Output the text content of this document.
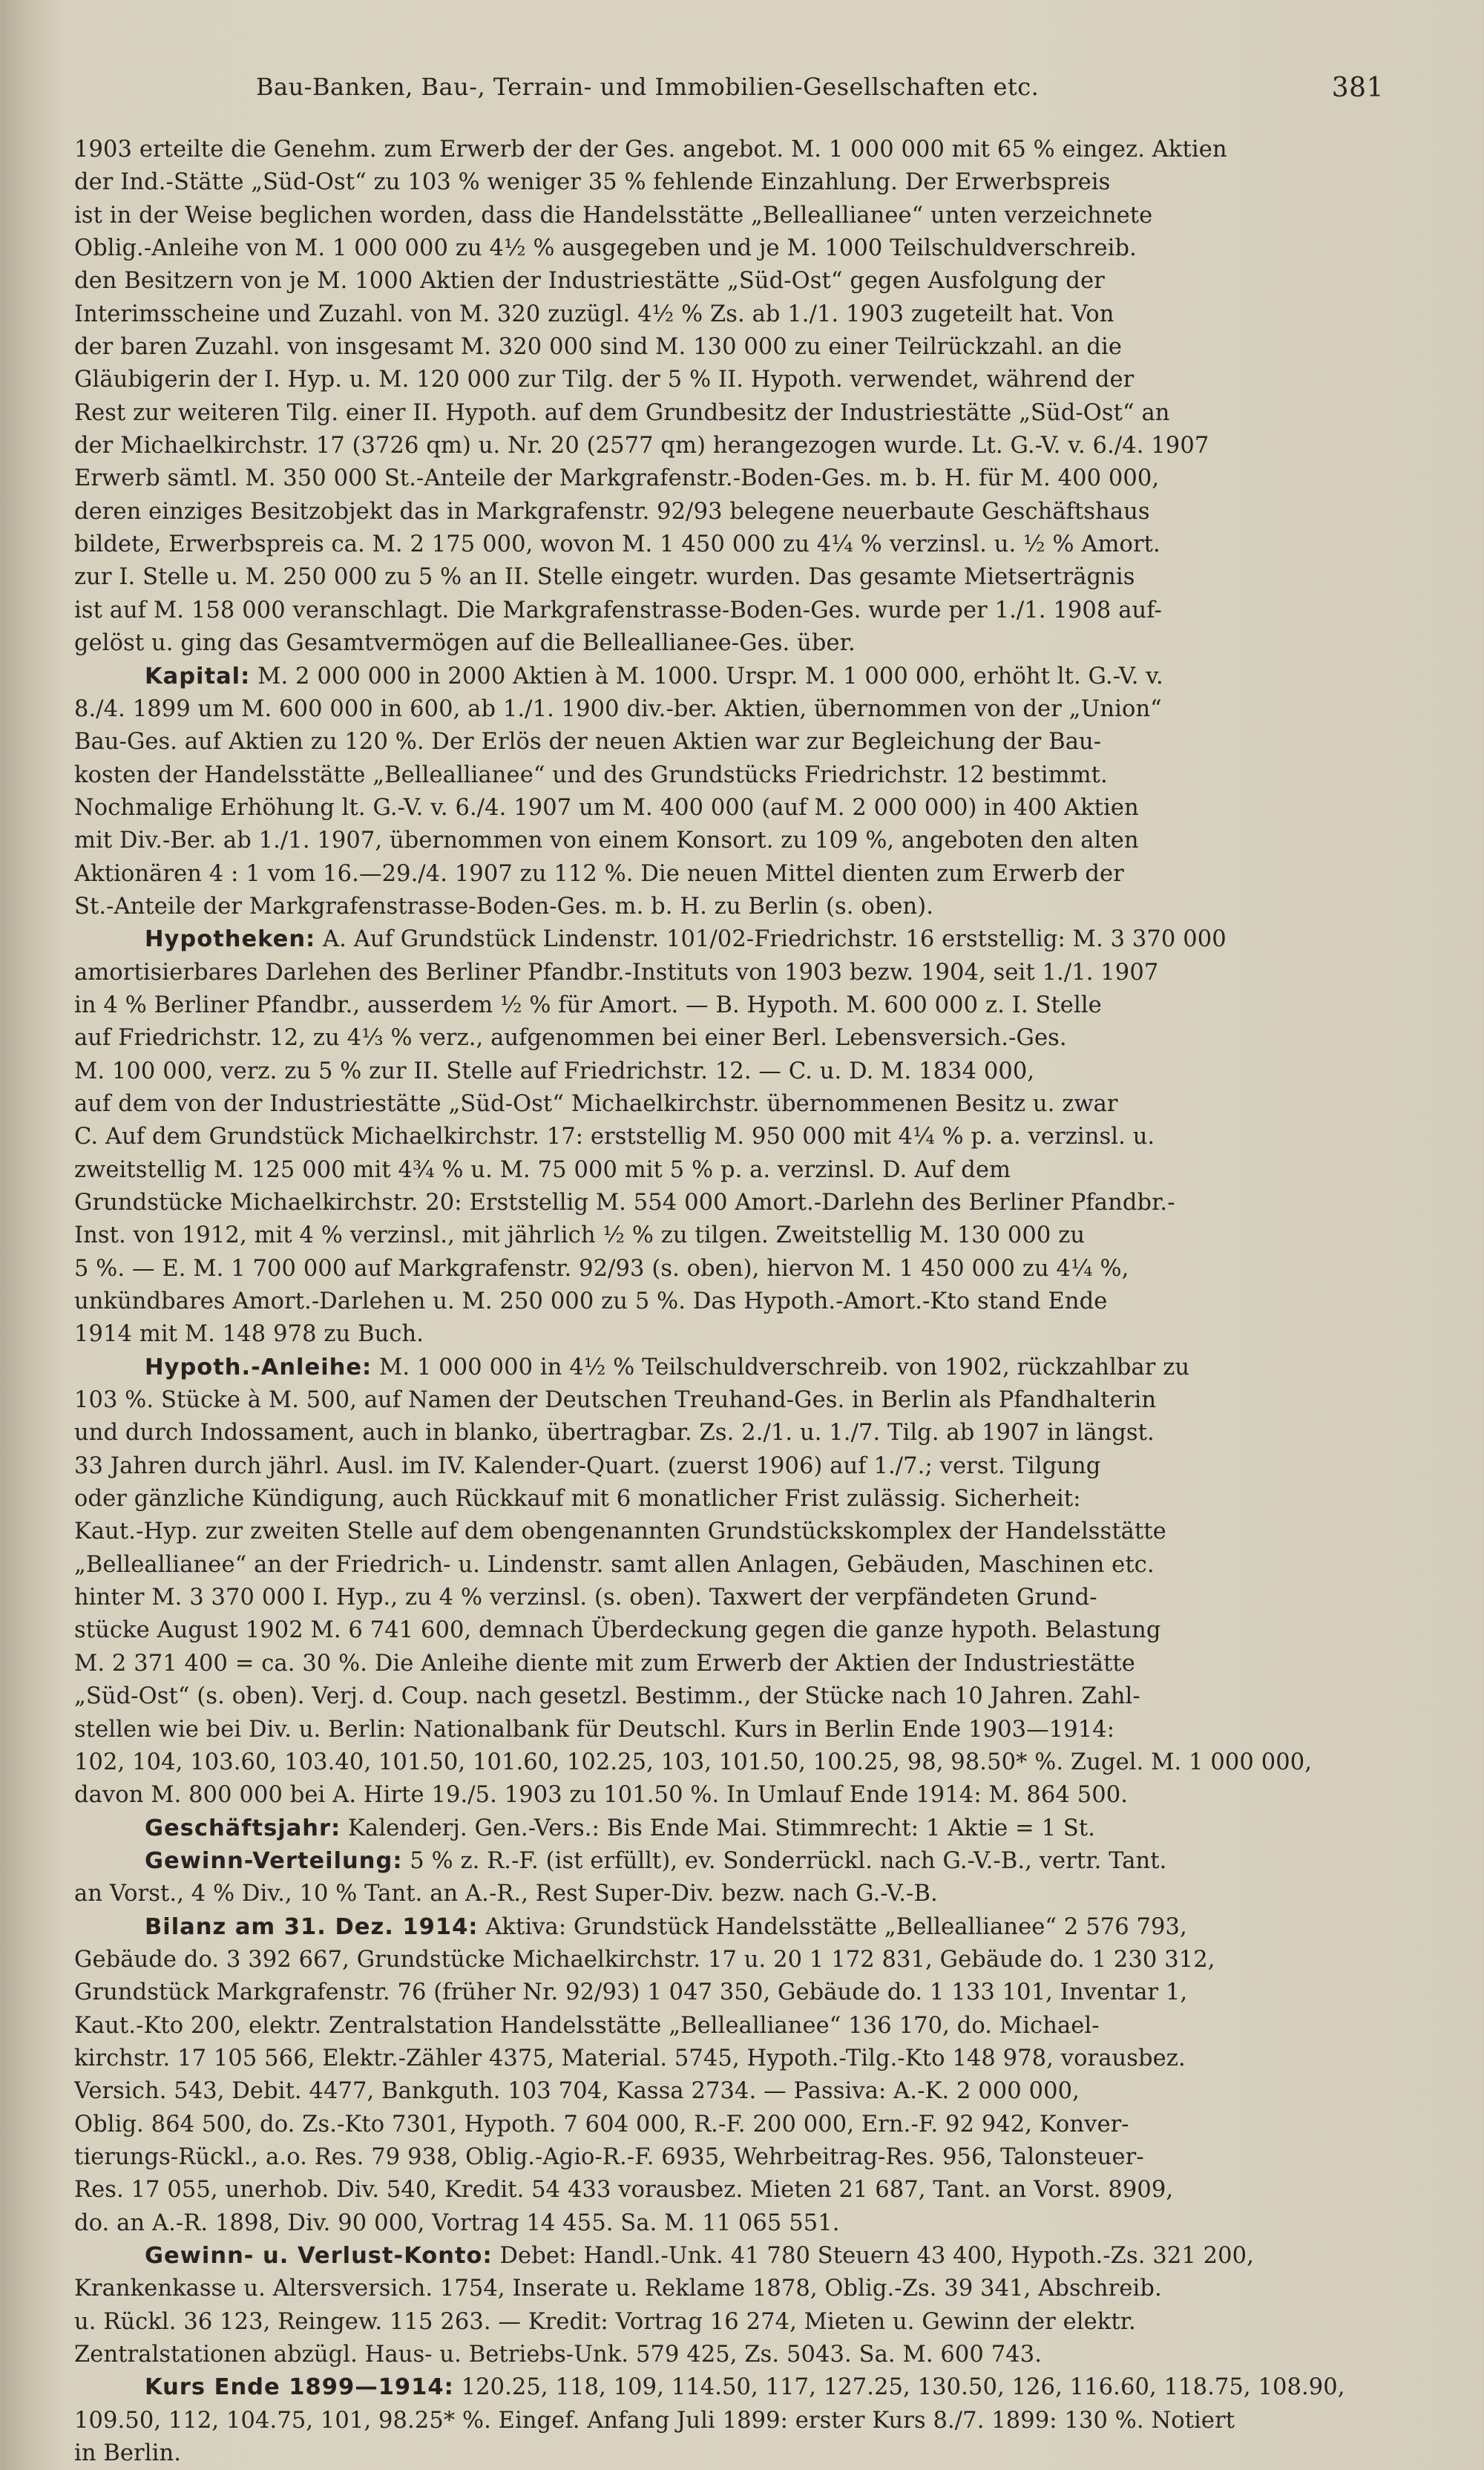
Bau-Banken, Bau-, Terrain- und Immobilien-Gesellschaften etc.	381
1903 erteilte die Genehm. zum Erwerb der der Ges. angebot. M. 1 000 000 mit 65 % eingez. Aktien
der Ind.-Stätte „Süd-Ost“ zu 103 % weniger 35 % fehlende Einzahlung. Der Erwerbspreis
ist in der Weise beglichen worden, dass die Handelsstätte „Belleallianee“ unten verzeichnete
Oblig.-Anleihe von M. 1 000 000 zu 4½ % ausgegeben und je M. 1000 Teilschuldverschreib.
den Besitzern von je M. 1000 Aktien der Industriestätte „Süd-Ost“ gegen Ausfolgung der
Interimsscheine und Zuzahl. von M. 320 zuzügl. 4½ % Zs. ab 1./1. 1903 zugeteilt hat. Von
der baren Zuzahl. von insgesamt M. 320 000 sind M. 130 000 zu einer Teilrückzahl. an die
Gläubigerin der I. Hyp. u. M. 120 000 zur Tilg. der 5 % II. Hypoth. verwendet, während der
Rest zur weiteren Tilg. einer II. Hypoth. auf dem Grundbesitz der Industriestätte „Süd-Ost“ an
der Michaelkirchstr. 17 (3726 qm) u. Nr. 20 (2577 qm) herangezogen wurde. Lt. G.-V. v. 6./4. 1907
Erwerb sämtl. M. 350 000 St.-Anteile der Markgrafenstr.-Boden-Ges. m. b. H. für M. 400 000,
deren einziges Besitzobjekt das in Markgrafenstr. 92/93 belegene neuerbaute Geschäftshaus
bildete, Erwerbspreis ca. M. 2 175 000, wovon M. 1 450 000 zu 4¼ % verzinsl. u. ½ % Amort.
zur I. Stelle u. M. 250 000 zu 5 % an II. Stelle eingetr. wurden. Das gesamte Mietserträgnis
ist auf M. 158 000 veranschlagt. Die Markgrafenstrasse-Boden-Ges. wurde per 1./1. 1908 auf-
gelöst u. ging das Gesamtvermögen auf die Belleallianee-Ges. über.
Kapital: M. 2 000 000 in 2000 Aktien à M. 1000. Urspr. M. 1 000 000, erhöht lt. G.-V. v.
8./4. 1899 um M. 600 000 in 600, ab 1./1. 1900 div.-ber. Aktien, übernommen von der „Union“
Bau-Ges. auf Aktien zu 120 %. Der Erlös der neuen Aktien war zur Begleichung der Bau-
kosten der Handelsstätte „Belleallianee“ und des Grundstücks Friedrichstr. 12 bestimmt.
Nochmalige Erhöhung lt. G.-V. v. 6./4. 1907 um M. 400 000 (auf M. 2 000 000) in 400 Aktien
mit Div.-Ber. ab 1./1. 1907, übernommen von einem Konsort. zu 109 %, angeboten den alten
Aktionären 4 : 1 vom 16.—29./4. 1907 zu 112 %. Die neuen Mittel dienten zum Erwerb der
St.-Anteile der Markgrafenstrasse-Boden-Ges. m. b. H. zu Berlin (s. oben).
Hypotheken: A. Auf Grundstück Lindenstr. 101/02-Friedrichstr. 16 erststellig: M. 3 370 000
amortisierbares Darlehen des Berliner Pfandbr.-Instituts von 1903 bezw. 1904, seit 1./1. 1907
in 4 % Berliner Pfandbr., ausserdem ½ % für Amort. — B. Hypoth. M. 600 000 z. I. Stelle
auf Friedrichstr. 12, zu 4⅓ % verz., aufgenommen bei einer Berl. Lebensversich.-Ges.
M. 100 000, verz. zu 5 % zur II. Stelle auf Friedrichstr. 12. — C. u. D. M. 1834 000,
auf dem von der Industriestätte „Süd-Ost“ Michaelkirchstr. übernommenen Besitz u. zwar
C. Auf dem Grundstück Michaelkirchstr. 17: erststellig M. 950 000 mit 4¼ % p. a. verzinsl. u.
zweitstellig M. 125 000 mit 4¾ % u. M. 75 000 mit 5 % p. a. verzinsl. D. Auf dem
Grundstücke Michaelkirchstr. 20: Erststellig M. 554 000 Amort.-Darlehn des Berliner Pfandbr.-
Inst. von 1912, mit 4 % verzinsl., mit jährlich ½ % zu tilgen. Zweitstellig M. 130 000 zu
5 %. — E. M. 1 700 000 auf Markgrafenstr. 92/93 (s. oben), hiervon M. 1 450 000 zu 4¼ %,
unkündbares Amort.-Darlehen u. M. 250 000 zu 5 %. Das Hypoth.-Amort.-Kto stand Ende
1914 mit M. 148 978 zu Buch.
Hypoth.-Anleihe: M. 1 000 000 in 4½ % Teilschuldverschreib. von 1902, rückzahlbar zu
103 %. Stücke à M. 500, auf Namen der Deutschen Treuhand-Ges. in Berlin als Pfandhalterin
und durch Indossament, auch in blanko, übertragbar. Zs. 2./1. u. 1./7. Tilg. ab 1907 in längst.
33 Jahren durch jährl. Ausl. im IV. Kalender-Quart. (zuerst 1906) auf 1./7.; verst. Tilgung
oder gänzliche Kündigung, auch Rückkauf mit 6 monatlicher Frist zulässig. Sicherheit:
Kaut.-Hyp. zur zweiten Stelle auf dem obengenannten Grundstückskomplex der Handelsstätte
„Belleallianee“ an der Friedrich- u. Lindenstr. samt allen Anlagen, Gebäuden, Maschinen etc.
hinter M. 3 370 000 I. Hyp., zu 4 % verzinsl. (s. oben). Taxwert der verpfändeten Grund-
stücke August 1902 M. 6 741 600, demnach Überdeckung gegen die ganze hypoth. Belastung
M. 2 371 400 = ca. 30 %. Die Anleihe diente mit zum Erwerb der Aktien der Industriestätte
„Süd-Ost“ (s. oben). Verj. d. Coup. nach gesetzl. Bestimm., der Stücke nach 10 Jahren. Zahl-
stellen wie bei Div. u. Berlin: Nationalbank für Deutschl. Kurs in Berlin Ende 1903—1914:
102, 104, 103.60, 103.40, 101.50, 101.60, 102.25, 103, 101.50, 100.25, 98, 98.50* %. Zugel. M. 1 000 000,
davon M. 800 000 bei A. Hirte 19./5. 1903 zu 101.50 %. In Umlauf Ende 1914: M. 864 500.
Geschäftsjahr: Kalenderj. Gen.-Vers.: Bis Ende Mai. Stimmrecht: 1 Aktie = 1 St.
Gewinn-Verteilung: 5 % z. R.-F. (ist erfüllt), ev. Sonderrückl. nach G.-V.-B., vertr. Tant.
an Vorst., 4 % Div., 10 % Tant. an A.-R., Rest Super-Div. bezw. nach G.-V.-B.
Bilanz am 31. Dez. 1914: Aktiva: Grundstück Handelsstätte „Belleallianee“ 2 576 793,
Gebäude do. 3 392 667, Grundstücke Michaelkirchstr. 17 u. 20 1 172 831, Gebäude do. 1 230 312,
Grundstück Markgrafenstr. 76 (früher Nr. 92/93) 1 047 350, Gebäude do. 1 133 101, Inventar 1,
Kaut.-Kto 200, elektr. Zentralstation Handelsstätte „Belleallianee“ 136 170, do. Michael-
kirchstr. 17 105 566, Elektr.-Zähler 4375, Material. 5745, Hypoth.-Tilg.-Kto 148 978, vorausbez.
Versich. 543, Debit. 4477, Bankguth. 103 704, Kassa 2734. — Passiva: A.-K. 2 000 000,
Oblig. 864 500, do. Zs.-Kto 7301, Hypoth. 7 604 000, R.-F. 200 000, Ern.-F. 92 942, Konver-
tierungs-Rückl., a.o. Res. 79 938, Oblig.-Agio-R.-F. 6935, Wehrbeitrag-Res. 956, Talonsteuer-
Res. 17 055, unerhob. Div. 540, Kredit. 54 433 vorausbez. Mieten 21 687, Tant. an Vorst. 8909,
do. an A.-R. 1898, Div. 90 000, Vortrag 14 455. Sa. M. 11 065 551.
Gewinn- u. Verlust-Konto: Debet: Handl.-Unk. 41 780 Steuern 43 400, Hypoth.-Zs. 321 200,
Krankenkasse u. Altersversich. 1754, Inserate u. Reklame 1878, Oblig.-Zs. 39 341, Abschreib.
u. Rückl. 36 123, Reingew. 115 263. — Kredit: Vortrag 16 274, Mieten u. Gewinn der elektr.
Zentralstationen abzügl. Haus- u. Betriebs-Unk. 579 425, Zs. 5043. Sa. M. 600 743.
Kurs Ende 1899—1914: 120.25, 118, 109, 114.50, 117, 127.25, 130.50, 126, 116.60, 118.75, 108.90,
109.50, 112, 104.75, 101, 98.25* %. Eingef. Anfang Juli 1899: erster Kurs 8./7. 1899: 130 %. Notiert
in Berlin.
